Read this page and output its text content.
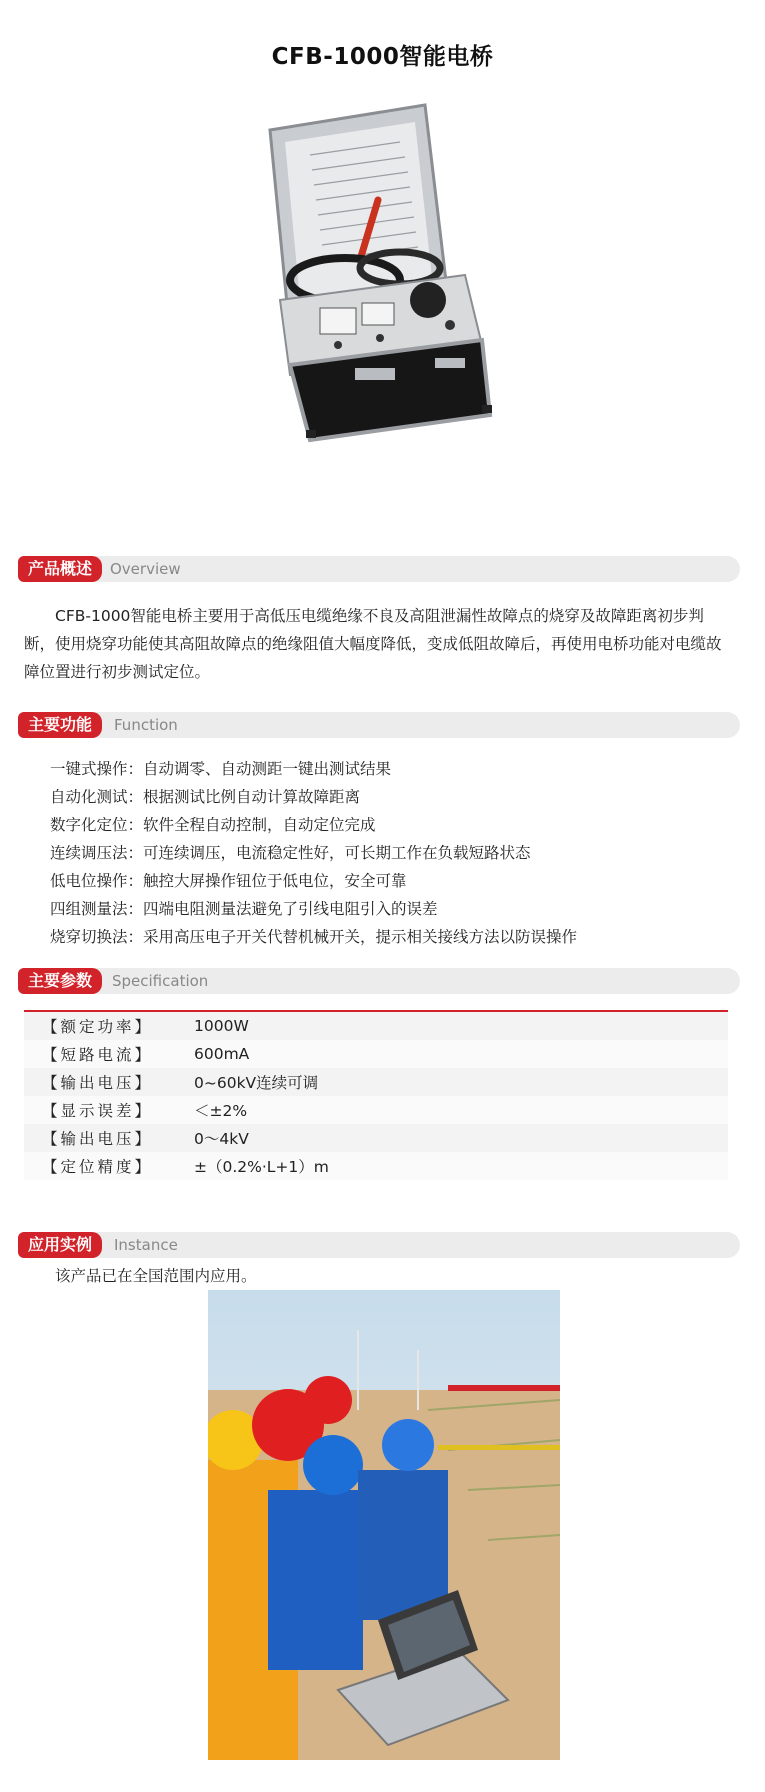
CFB-1000智能电桥
产品概述	Overview

CFB-1000智能电桥主要用于高低压电缆绝缘不良及高阻泄漏性故障点的烧穿及故障距离初步判断，使用烧穿功能使其高阻故障点的绝缘阻值大幅度降低，变成低阻故障后，再使用电桥功能对电缆故障位置进行初步测试定位。

主要功能	Function
一键式操作：自动调零、自动测距一键出测试结果
自动化测试：根据测试比例自动计算故障距离
数字化定位：软件全程自动控制，自动定位完成
连续调压法：可连续调压，电流稳定性好，可长期工作在负载短路状态
低电位操作：触控大屏操作钮位于低电位，安全可靠
四组测量法：四端电阻测量法避免了引线电阻引入的误差
烧穿切换法：采用高压电子开关代替机械开关，提示相关接线方法以防误操作
主要参数	Specification
【额定功率】	1000W
【短路电流】	600mA
【输出电压】	0~60kV连续可调
【显示误差】	＜±2%
【输出电压】	0～4kV
【定位精度】	±（0.2%·L+1）m
应用实例	Instance

该产品已在全国范围内应用。
